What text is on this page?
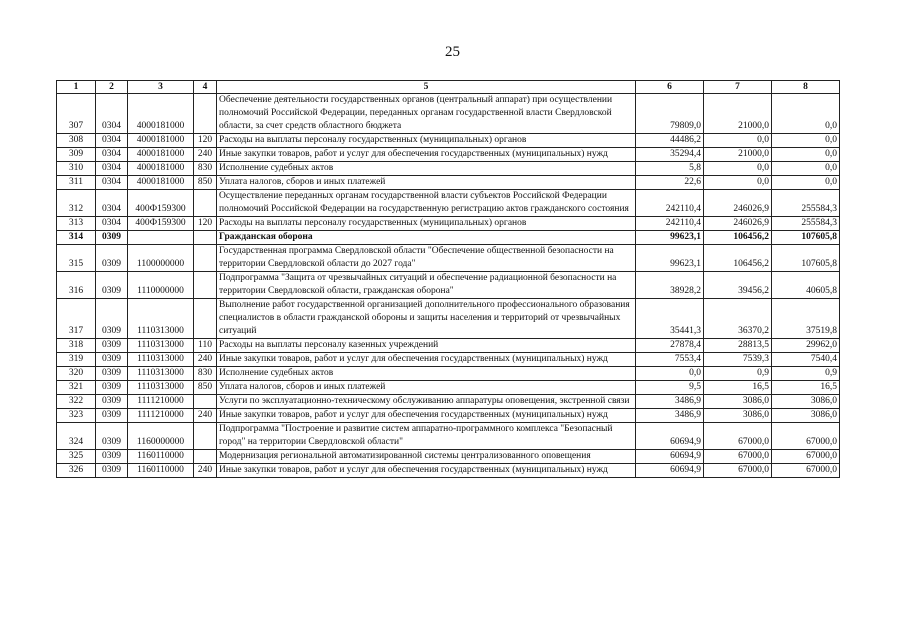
25
1	2	3	4	5	6	7	8
307	0304	4000181000		Обеспечение деятельности государственных органов (центральный аппарат) при осуществлении полномочий Российской Федерации, переданных органам государственной власти Свердловской области, за счет средств областного бюджета	79809,0	21000,0	0,0
308	0304	4000181000	120	Расходы на выплаты персоналу государственных (муниципальных) органов	44486,2	0,0	0,0
309	0304	4000181000	240	Иные закупки товаров, работ и услуг для обеспечения государственных (муниципальных) нужд	35294,4	21000,0	0,0
310	0304	4000181000	830	Исполнение судебных актов	5,8	0,0	0,0
311	0304	4000181000	850	Уплата налогов, сборов и иных платежей	22,6	0,0	0,0
312	0304	400Ф159300		Осуществление переданных органам государственной власти субъектов Российской Федерации полномочий Российской Федерации на государственную регистрацию актов гражданского состояния	242110,4	246026,9	255584,3
313	0304	400Ф159300	120	Расходы на выплаты персоналу государственных (муниципальных) органов	242110,4	246026,9	255584,3
314	0309			Гражданская оборона	99623,1	106456,2	107605,8
315	0309	1100000000		Государственная программа Свердловской области "Обеспечение общественной безопасности на территории Свердловской области до 2027 года"	99623,1	106456,2	107605,8
316	0309	1110000000		Подпрограмма "Защита от чрезвычайных ситуаций и обеспечение радиационной безопасности на территории Свердловской области, гражданская оборона"	38928,2	39456,2	40605,8
317	0309	1110313000		Выполнение работ государственной организацией дополнительного профессионального образования специалистов в области гражданской обороны и защиты населения и территорий от чрезвычайных ситуаций	35441,3	36370,2	37519,8
318	0309	1110313000	110	Расходы на выплаты персоналу казенных учреждений	27878,4	28813,5	29962,0
319	0309	1110313000	240	Иные закупки товаров, работ и услуг для обеспечения государственных (муниципальных) нужд	7553,4	7539,3	7540,4
320	0309	1110313000	830	Исполнение судебных актов	0,0	0,9	0,9
321	0309	1110313000	850	Уплата налогов, сборов и иных платежей	9,5	16,5	16,5
322	0309	1111210000		Услуги по эксплуатационно-техническому обслуживанию аппаратуры оповещения, экстренной связи	3486,9	3086,0	3086,0
323	0309	1111210000	240	Иные закупки товаров, работ и услуг для обеспечения государственных (муниципальных) нужд	3486,9	3086,0	3086,0
324	0309	1160000000		Подпрограмма "Построение и развитие систем аппаратно-программного комплекса "Безопасный город" на территории Свердловской области"	60694,9	67000,0	67000,0
325	0309	1160110000		Модернизация региональной автоматизированной системы централизованного оповещения	60694,9	67000,0	67000,0
326	0309	1160110000	240	Иные закупки товаров, работ и услуг для обеспечения государственных (муниципальных) нужд	60694,9	67000,0	67000,0
